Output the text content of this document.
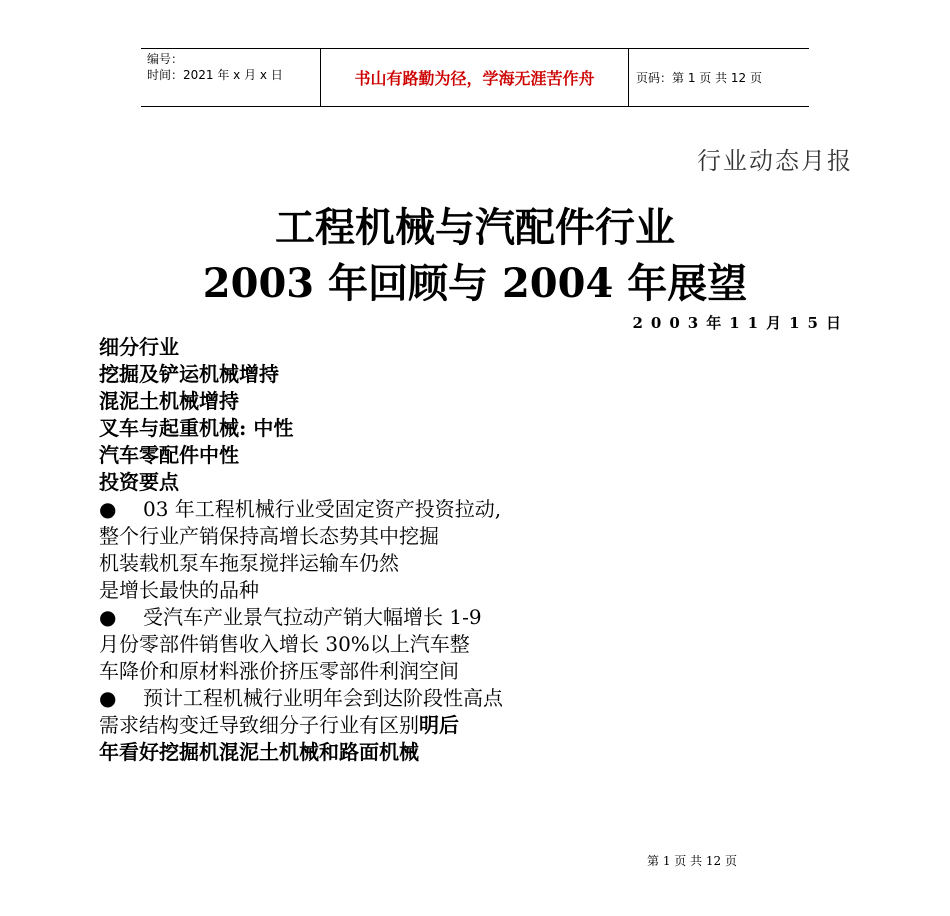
编号：
时间：2021 年 x 月 x 日	书山有路勤为径，学海无涯苦作舟	页码：第 1 页 共 12 页
行业动态月报
工程机械与汽配件行业
2003 年回顾与 2004 年展望
2003年11月15日
细分行业
挖掘及铲运机械增持
混泥土机械增持
叉车与起重机械: 中性
汽车零配件中性
投资要点
● 03 年工程机械行业受固定资产投资拉动,
整个行业产销保持高增长态势其中挖掘
机装载机泵车拖泵搅拌运输车仍然
是增长最快的品种
● 受汽车产业景气拉动产销大幅增长 1-9
月份零部件销售收入增长 30%以上汽车整
车降价和原材料涨价挤压零部件利润空间
● 预计工程机械行业明年会到达阶段性高点
需求结构变迁导致细分子行业有区别明后
年看好挖掘机混泥土机械和路面机械
第 1 页 共 12 页
